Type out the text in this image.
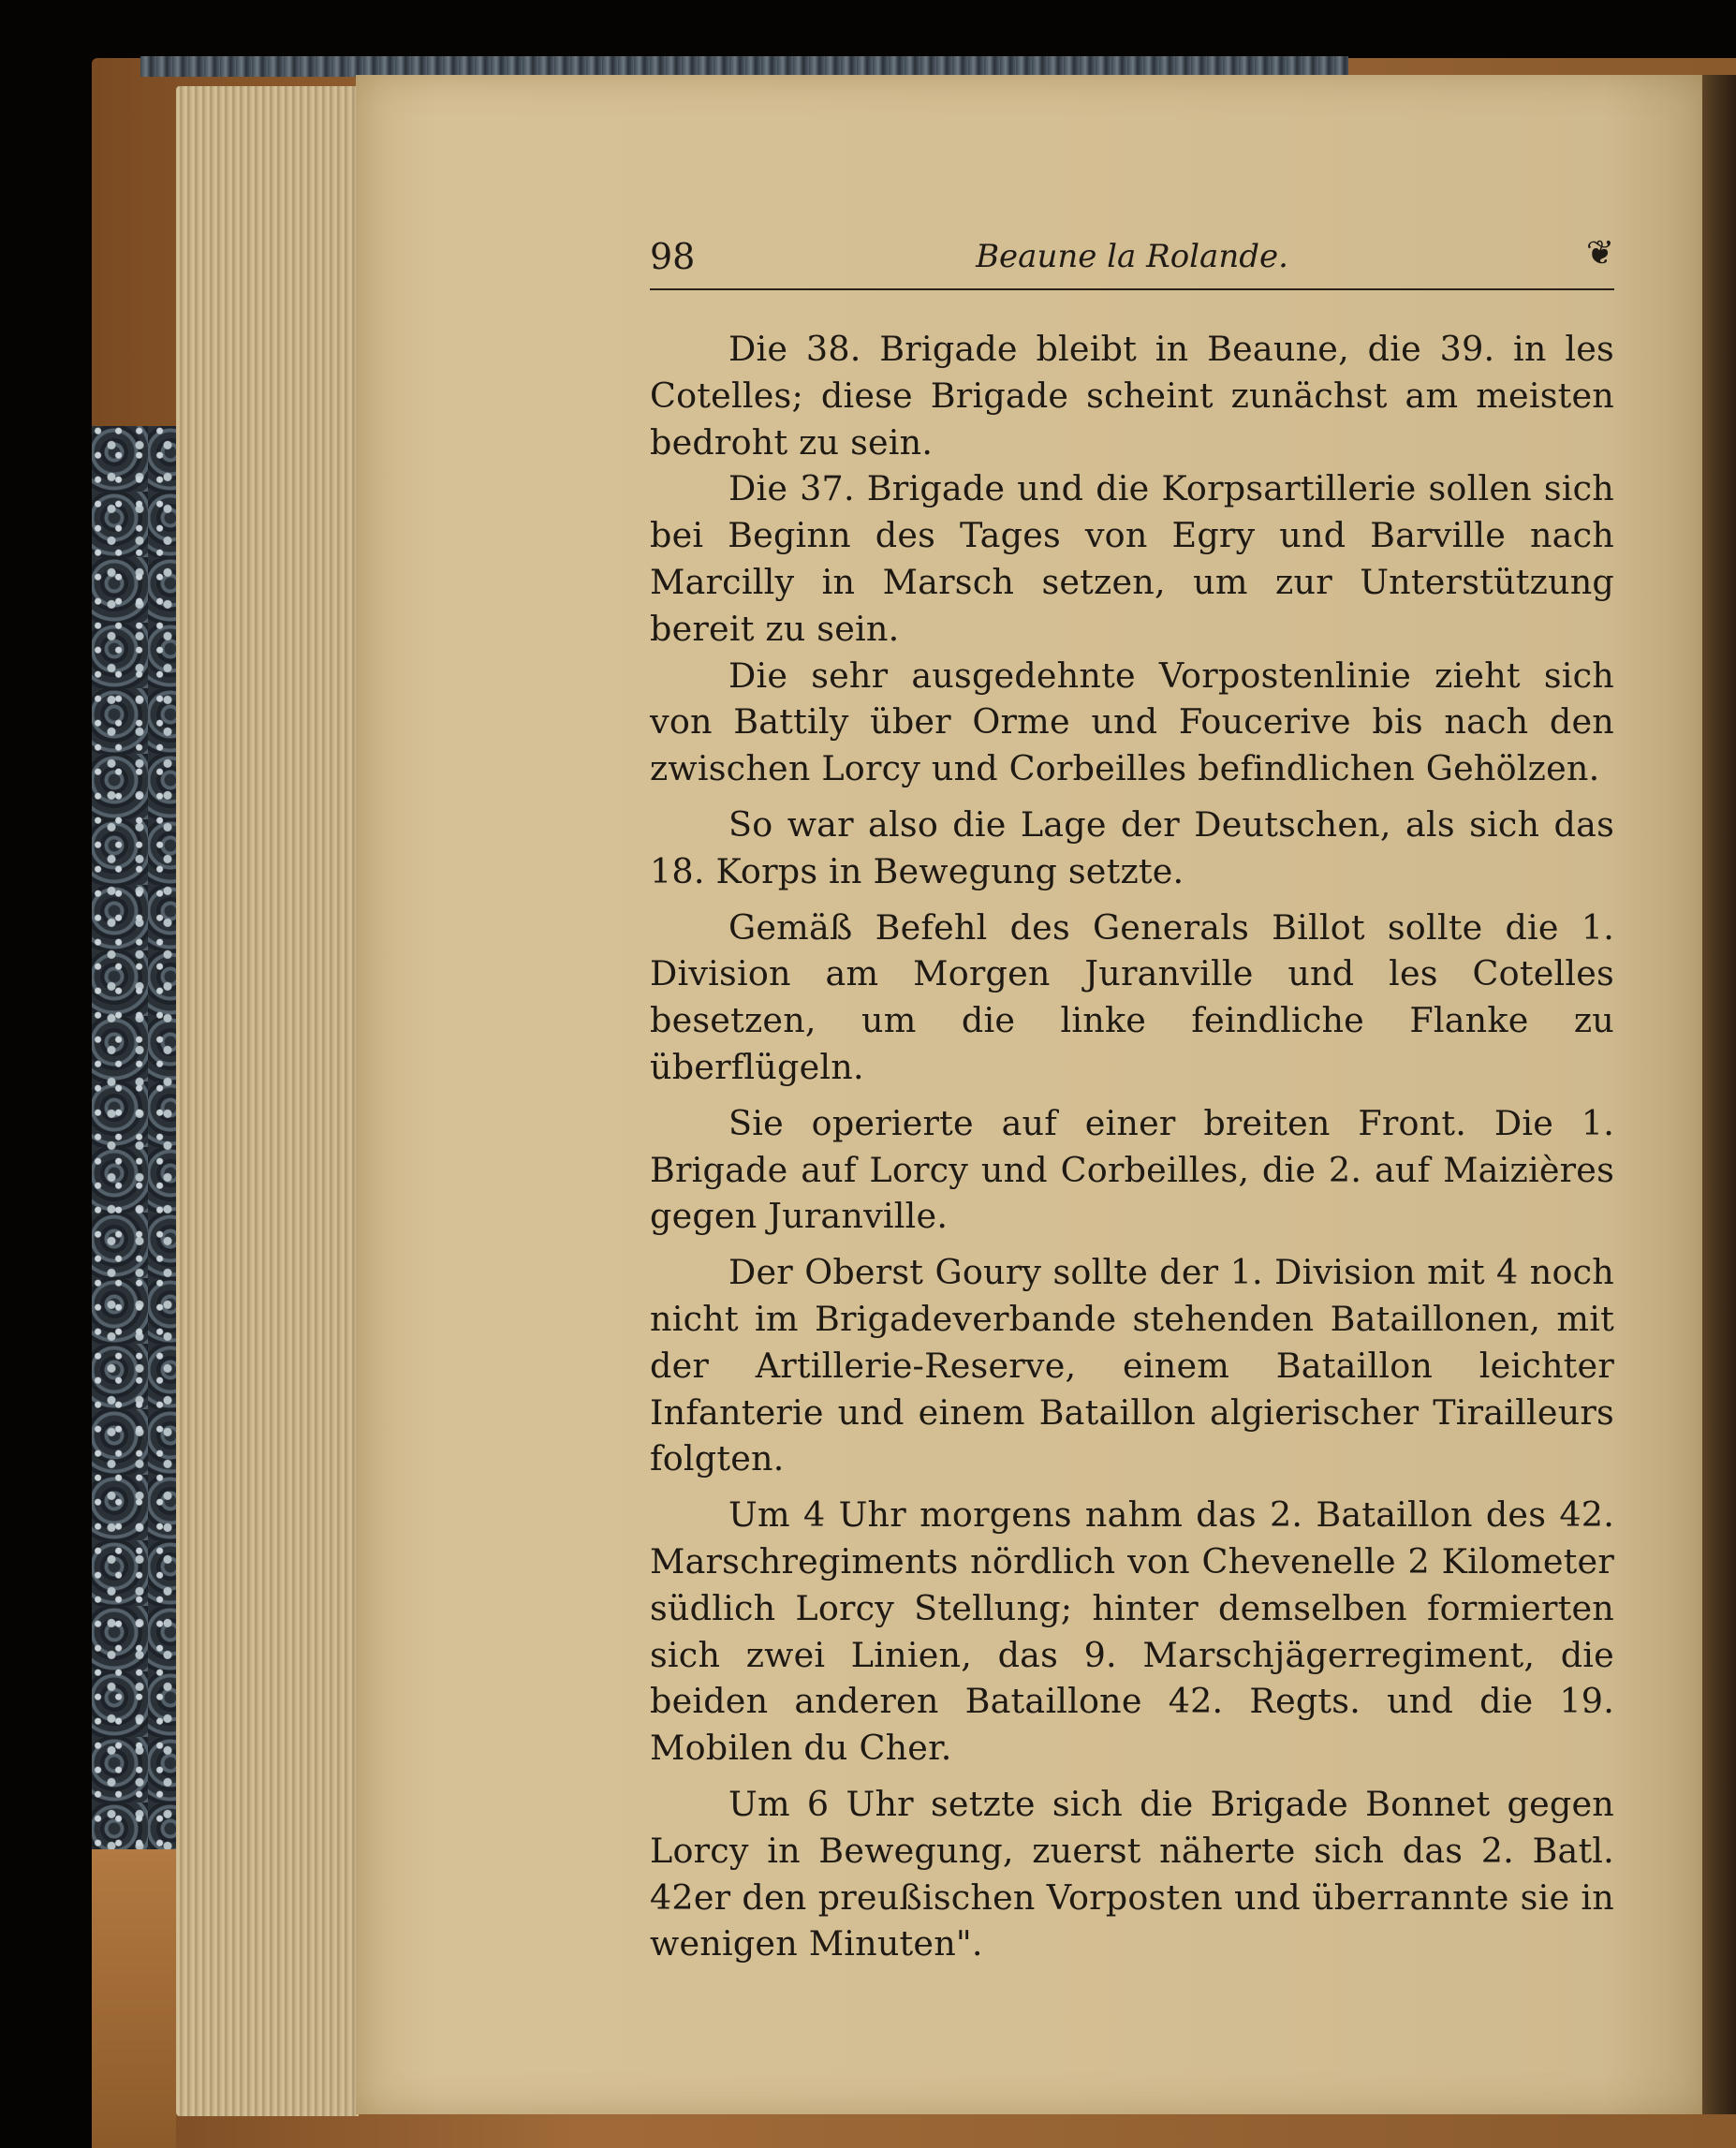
98	Beaune la Rolande.	❦

Die 38. Brigade bleibt in Beaune, die 39. in les Cotelles; diese Brigade scheint zunächst am meisten bedroht zu sein.

Die 37. Brigade und die Korpsartillerie sollen sich bei Beginn des Tages von Egry und Barville nach Marcilly in Marsch setzen, um zur Unterstützung bereit zu sein.

Die sehr ausgedehnte Vorpostenlinie zieht sich von Battily über Orme und Foucerive bis nach den zwischen Lorcy und Corbeilles befindlichen Gehölzen.

So war also die Lage der Deutschen, als sich das 18. Korps in Bewegung setzte.

Gemäß Befehl des Generals Billot sollte die 1. Division am Morgen Juranville und les Cotelles besetzen, um die linke feindliche Flanke zu überflügeln.

Sie operierte auf einer breiten Front. Die 1. Brigade auf Lorcy und Corbeilles, die 2. auf Maizières gegen Juranville.

Der Oberst Goury sollte der 1. Division mit 4 noch nicht im Brigadeverbande stehenden Bataillonen, mit der Artillerie-Reserve, einem Bataillon leichter Infanterie und einem Bataillon algierischer Tirailleurs folgten.

Um 4 Uhr morgens nahm das 2. Bataillon des 42. Marschregiments nördlich von Chevenelle 2 Kilometer südlich Lorcy Stellung; hinter demselben formierten sich zwei Linien, das 9. Marschjägerregiment, die beiden anderen Bataillone 42. Regts. und die 19. Mobilen du Cher.

Um 6 Uhr setzte sich die Brigade Bonnet gegen Lorcy in Bewegung, zuerst näherte sich das 2. Batl. 42er den preußischen Vorposten und überrannte sie in wenigen Minuten".
